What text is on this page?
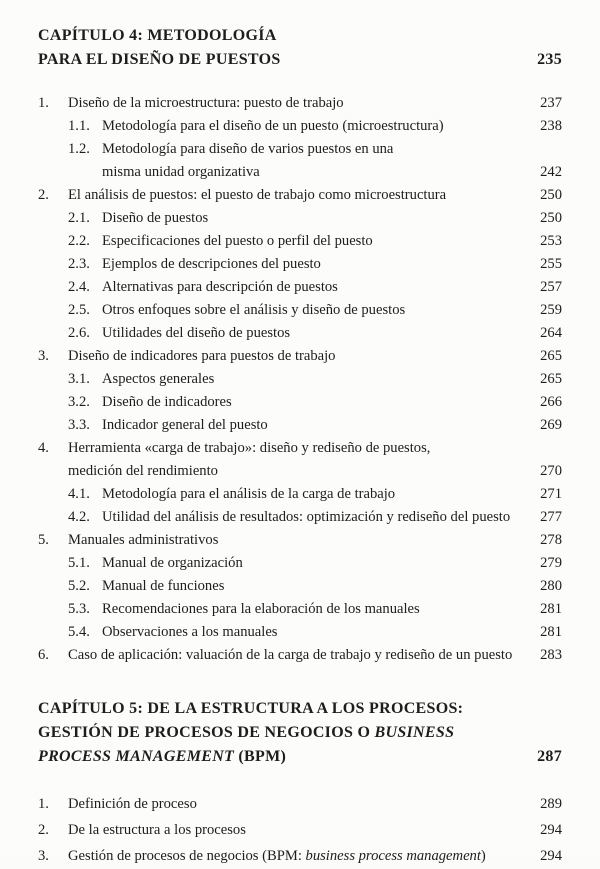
CAPÍTULO 4: METODOLOGÍA
PARA EL DISEÑO DE PUESTOS	235
1.	Diseño de la microestructura: puesto de trabajo	237
1.1. Metodología para el diseño de un puesto (microestructura)	238
1.2. Metodología para diseño de varios puestos en una
misma unidad organizativa	242
2.	El análisis de puestos: el puesto de trabajo como microestructura	250
2.1. Diseño de puestos	250
2.2. Especificaciones del puesto o perfil del puesto	253
2.3. Ejemplos de descripciones del puesto	255
2.4. Alternativas para descripción de puestos	257
2.5. Otros enfoques sobre el análisis y diseño de puestos	259
2.6. Utilidades del diseño de puestos	264
3.	Diseño de indicadores para puestos de trabajo	265
3.1. Aspectos generales	265
3.2. Diseño de indicadores	266
3.3. Indicador general del puesto	269
4.	Herramienta «carga de trabajo»: diseño y rediseño de puestos,
medición del rendimiento	270
4.1. Metodología para el análisis de la carga de trabajo	271
4.2. Utilidad del análisis de resultados: optimización y rediseño del puesto	277
5.	Manuales administrativos	278
5.1. Manual de organización	279
5.2. Manual de funciones	280
5.3. Recomendaciones para la elaboración de los manuales	281
5.4. Observaciones a los manuales	281
6.	Caso de aplicación: valuación de la carga de trabajo y rediseño de un puesto	283
CAPÍTULO 5: DE LA ESTRUCTURA A LOS PROCESOS:
GESTIÓN DE PROCESOS DE NEGOCIOS O BUSINESS
PROCESS MANAGEMENT (BPM)	287
1.	Definición de proceso	289
2.	De la estructura a los procesos	294
3.	Gestión de procesos de negocios (BPM: business process management)	294
